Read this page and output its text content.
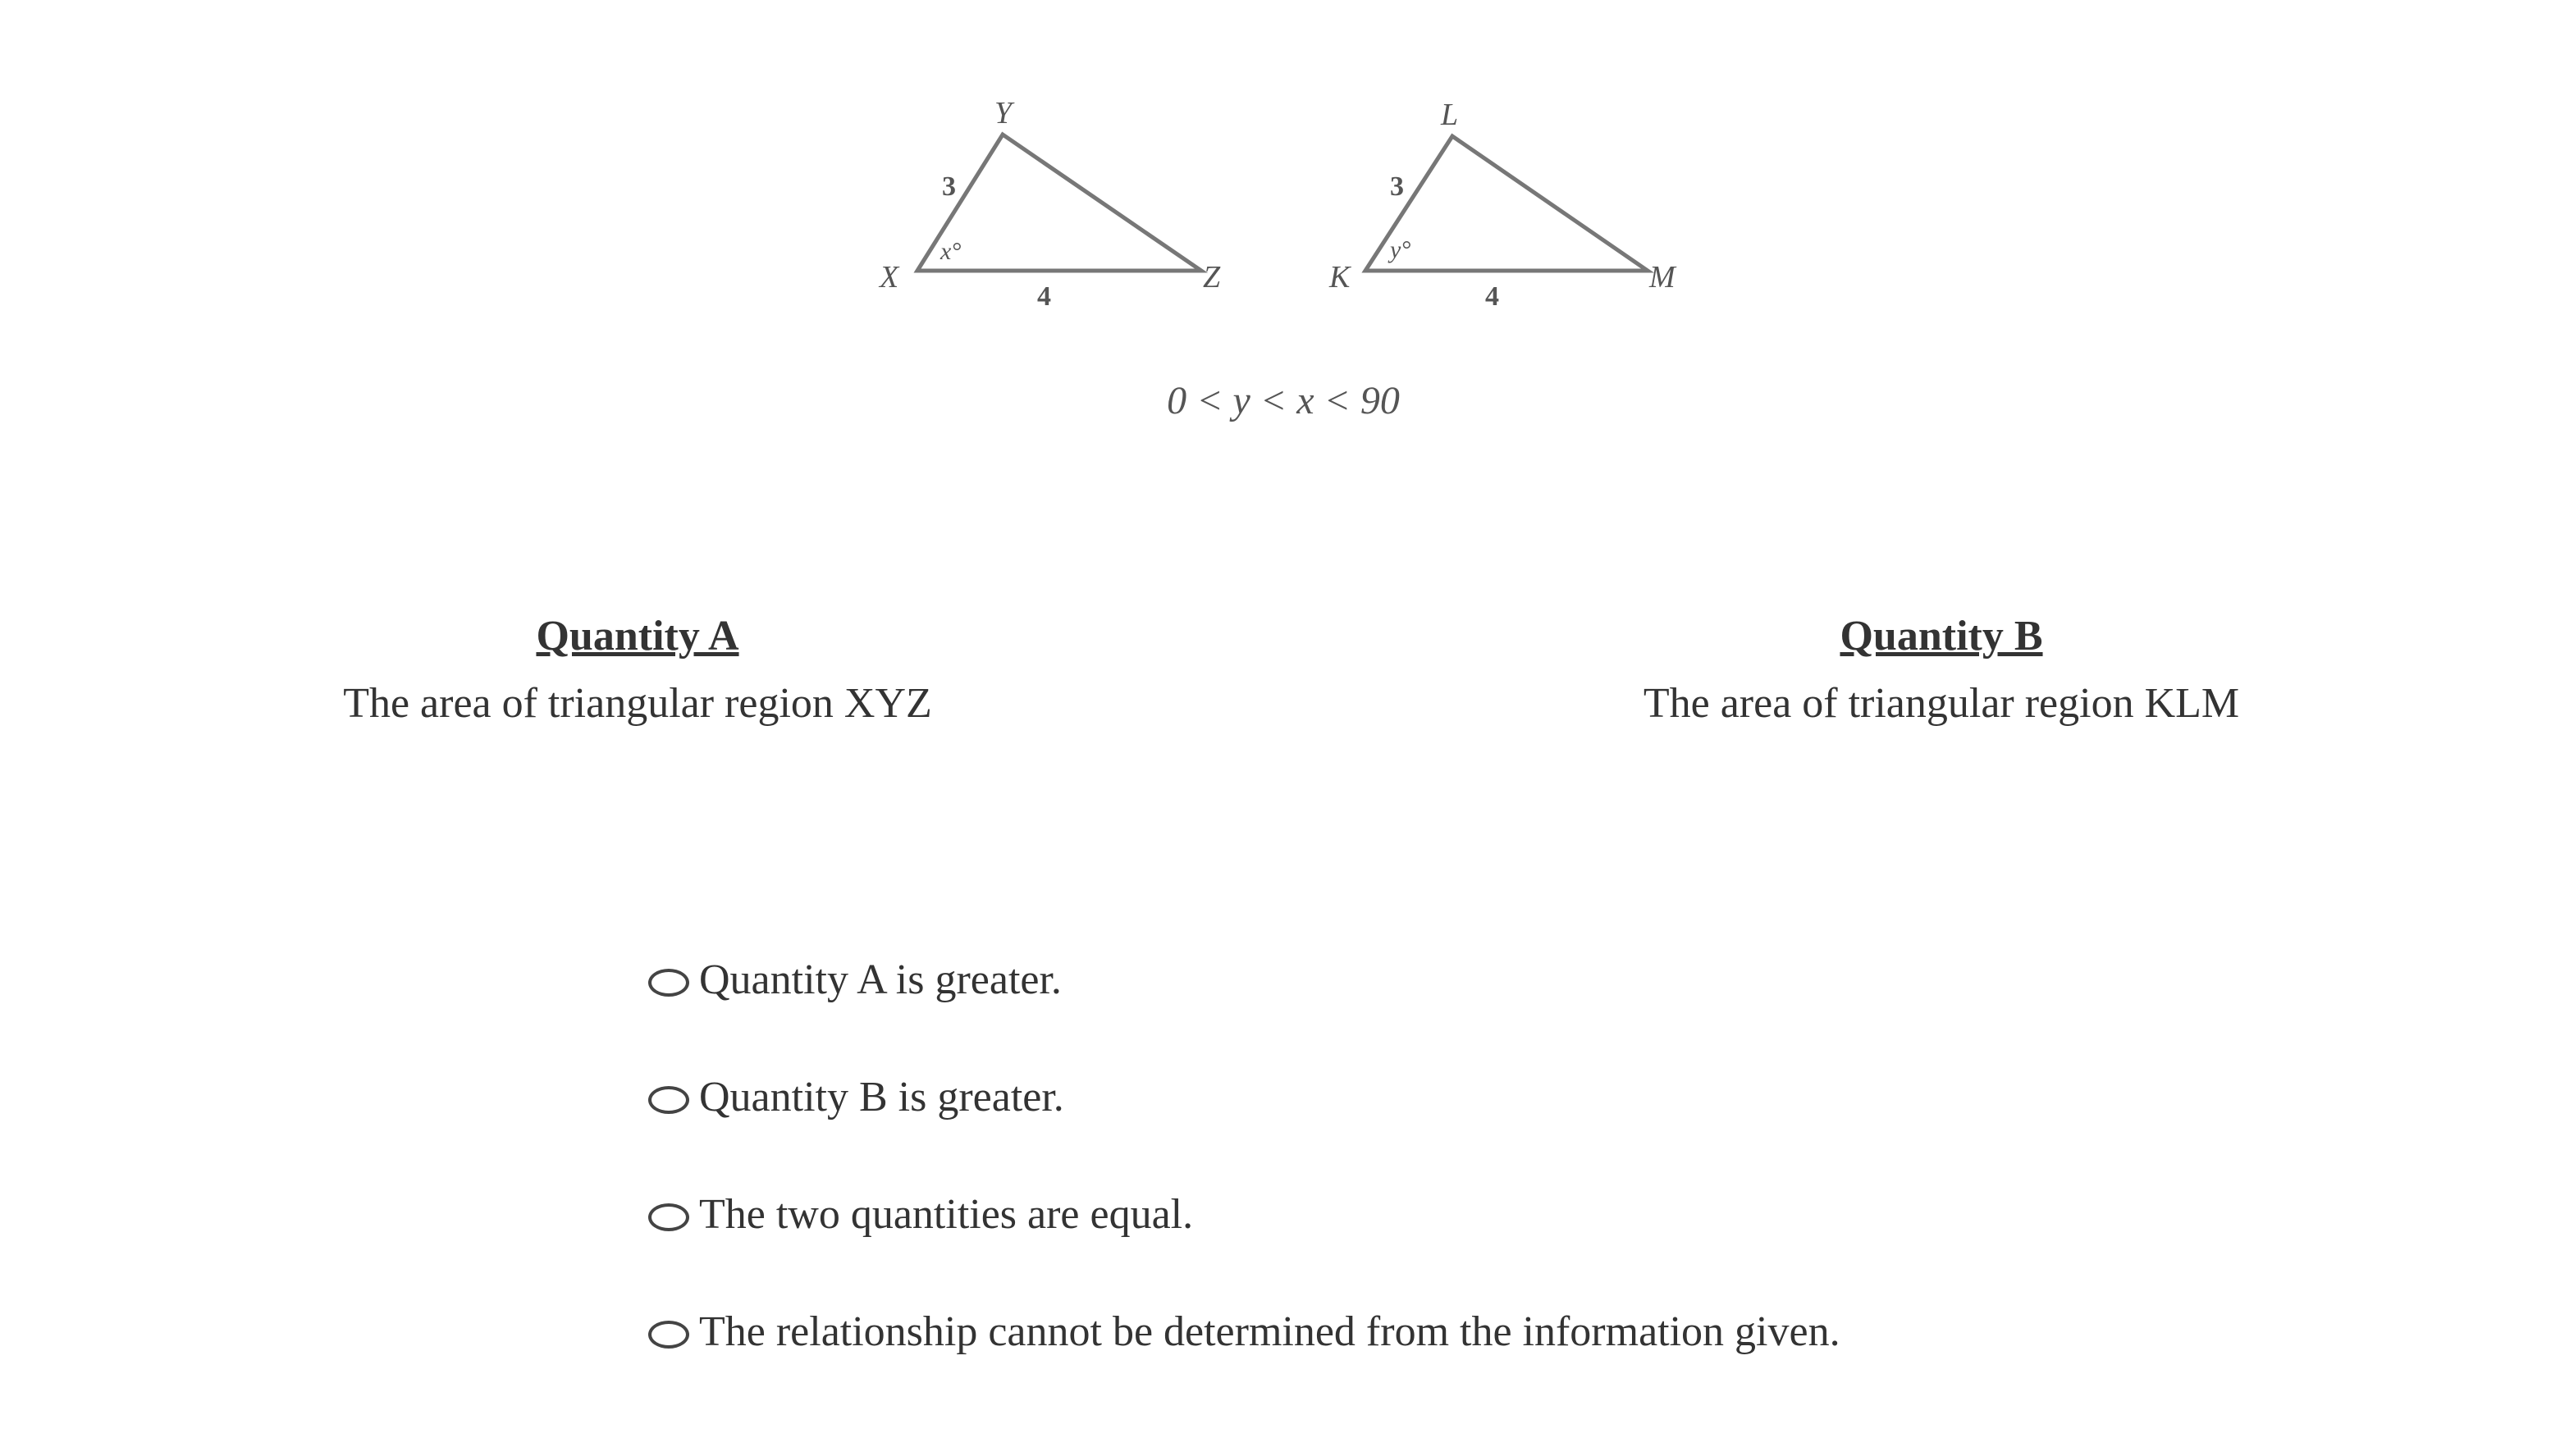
Y
X	Z
3
4
x°
L
K	M
3
4
y°
0 < y < x < 90
Quantity A
The area of triangular region XYZ
Quantity B
The area of triangular region KLM
Quantity A is greater.
Quantity B is greater.
The two quantities are equal.
The relationship cannot be determined from the information given.
